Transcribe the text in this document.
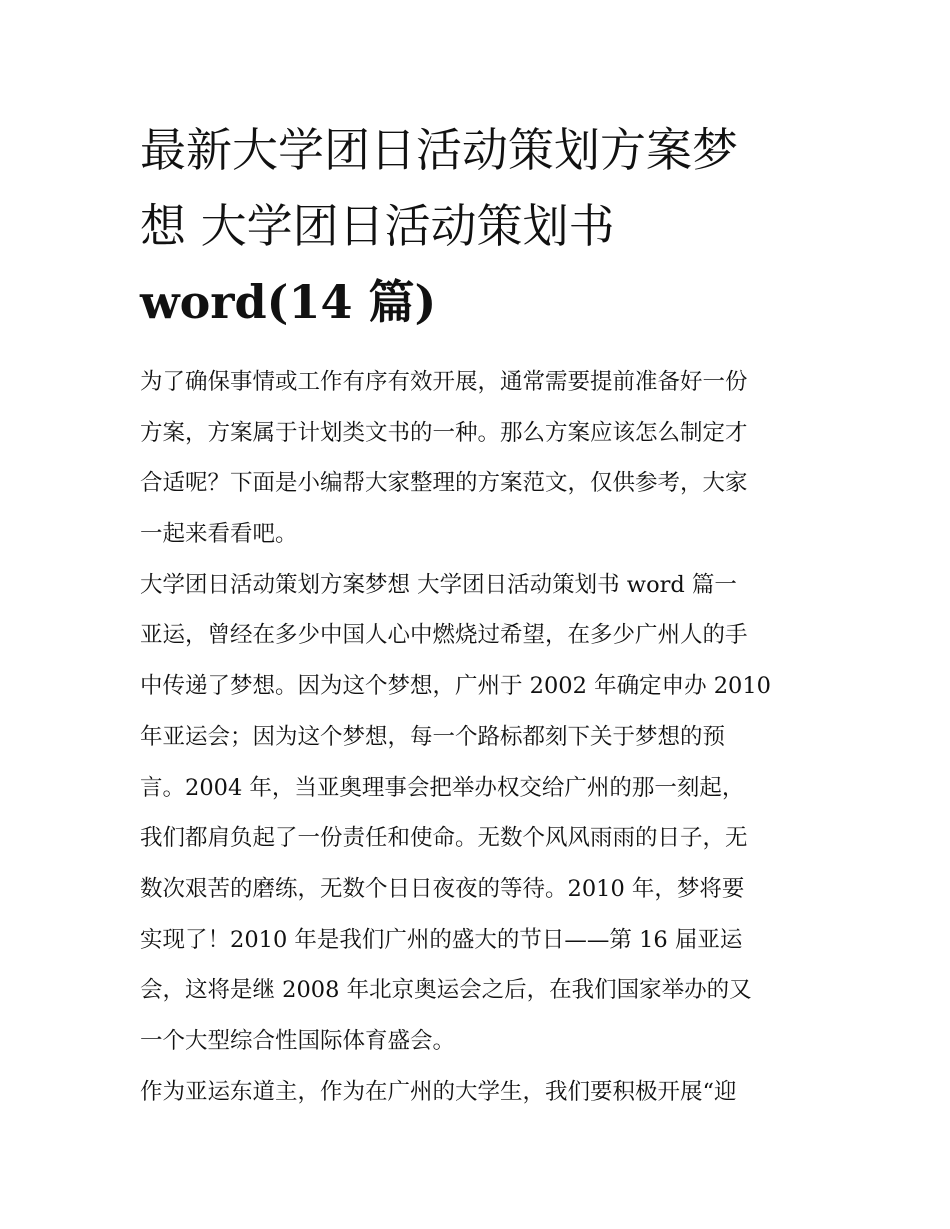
最新大学团日活动策划方案梦
想 大学团日活动策划书
word(14 篇)
为了确保事情或工作有序有效开展，通常需要提前准备好一份
方案，方案属于计划类文书的一种。那么方案应该怎么制定才
合适呢？下面是小编帮大家整理的方案范文，仅供参考，大家
一起来看看吧。
大学团日活动策划方案梦想 大学团日活动策划书 word 篇一
亚运，曾经在多少中国人心中燃烧过希望，在多少广州人的手
中传递了梦想。因为这个梦想，广州于 2002 年确定申办 2010
年亚运会；因为这个梦想，每一个路标都刻下关于梦想的预
言。2004 年，当亚奥理事会把举办权交给广州的那一刻起，
我们都肩负起了一份责任和使命。无数个风风雨雨的日子，无
数次艰苦的磨练，无数个日日夜夜的等待。2010 年，梦将要
实现了！2010 年是我们广州的盛大的节日——第 16 届亚运
会，这将是继 2008 年北京奥运会之后，在我们国家举办的又
一个大型综合性国际体育盛会。
作为亚运东道主，作为在广州的大学生，我们要积极开展“迎
